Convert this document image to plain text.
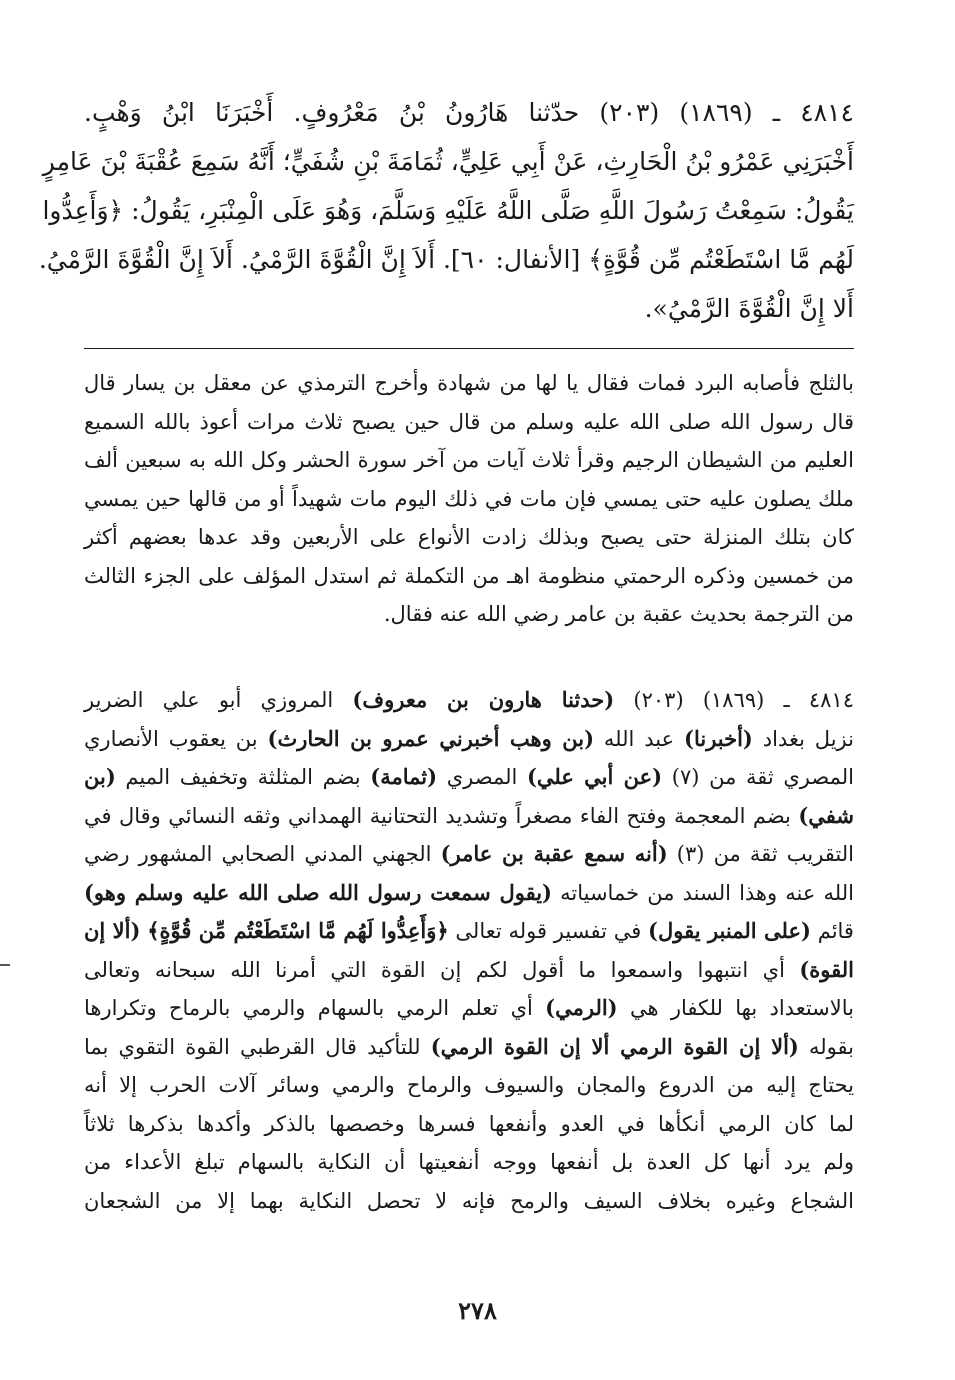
٤٨١٤ ـ (١٨٦٩) (٢٠٣) حدّثنا هَارُونُ بْنُ مَعْرُوفٍ. أَخْبَرَنَا ابْنُ وَهْبٍ.
أَخْبَرَنِي عَمْرُو بْنُ الْحَارِثِ، عَنْ أَبِي عَلِيٍّ، ثُمَامَةَ بْنِ شُفَيٍّ؛ أَنَّهُ سَمِعَ عُقْبَةَ بْنَ عَامِرٍ
يَقُولُ: سَمِعْتُ رَسُولَ اللَّهِ صَلَّى اللَّهُ عَلَيْهِ وَسَلَّمَ، وَهُوَ عَلَى الْمِنْبَرِ، يَقُولُ: ﴿وَأَعِدُّوا
لَهُم مَّا اسْتَطَعْتُم مِّن قُوَّةٍ﴾ [الأنفال: ٦٠]. أَلاَ إِنَّ الْقُوَّةَ الرَّمْيُ. أَلاَ إِنَّ الْقُوَّةَ الرَّمْيُ.
أَلا إِنَّ الْقُوَّةَ الرَّمْيُ».
بالثلج فأصابه البرد فمات فقال يا لها من شهادة وأخرج الترمذي عن معقل بن يسار قال
قال رسول الله صلى الله عليه وسلم من قال حين يصبح ثلاث مرات أعوذ بالله السميع
العليم من الشيطان الرجيم وقرأ ثلاث آيات من آخر سورة الحشر وكل الله به سبعين ألف
ملك يصلون عليه حتى يمسي فإن مات في ذلك اليوم مات شهيداً أو من قالها حين يمسي
كان بتلك المنزلة حتى يصبح وبذلك زادت الأنواع على الأربعين وقد عدها بعضهم أكثر
من خمسين وذكره الرحمتي منظومة اهـ من التكملة ثم استدل المؤلف على الجزء الثالث
من الترجمة بحديث عقبة بن عامر رضي الله عنه فقال.
٤٨١٤ ـ (١٨٦٩) (٢٠٣) (حدثنا هارون بن معروف) المروزي أبو علي الضرير
نزيل بغداد (أخبرنا) عبد الله (بن وهب أخبرني عمرو بن الحارث) بن يعقوب الأنصاري
المصري ثقة من (٧) (عن أبي علي) المصري (ثمامة) بضم المثلثة وتخفيف الميم (بن
شفي) بضم المعجمة وفتح الفاء مصغراً وتشديد التحتانية الهمداني وثقه النسائي وقال في
التقريب ثقة من (٣) (أنه سمع عقبة بن عامر) الجهني المدني الصحابي المشهور رضي
الله عنه وهذا السند من خماسياته (يقول سمعت رسول الله صلى الله عليه وسلم وهو)
قائم (على المنبر يقول) في تفسير قوله تعالى ﴿وَأَعِدُّوا لَهُم مَّا اسْتَطَعْتُم مِّن قُوَّةٍ﴾ (ألا إن
القوة) أي انتبهوا واسمعوا ما أقول لكم إن القوة التي أمرنا الله سبحانه وتعالى
بالاستعداد بها للكفار هي (الرمي) أي تعلم الرمي بالسهام والرمي بالرماح وتكرارها
بقوله (ألا إن القوة الرمي ألا إن القوة الرمي) للتأكيد قال القرطبي القوة التقوي بما
يحتاج إليه من الدروع والمجان والسيوف والرماح والرمي وسائر آلات الحرب إلا أنه
لما كان الرمي أنكأها في العدو وأنفعها فسرها وخصصها بالذكر وأكدها بذكرها ثلاثاً
ولم يرد أنها كل العدة بل أنفعها ووجه أنفعيتها أن النكاية بالسهام تبلغ الأعداء من
الشجاع وغيره بخلاف السيف والرمح فإنه لا تحصل النكاية بهما إلا من الشجعان
٢٧٨
